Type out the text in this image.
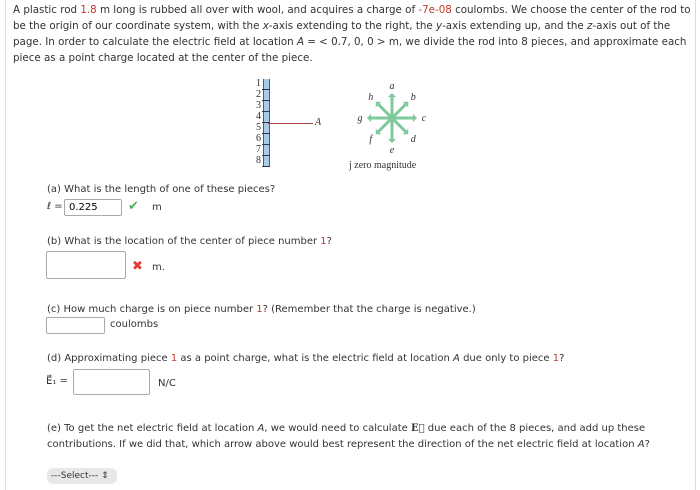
A plastic rod 1.8 m long is rubbed all over with wool, and acquires a charge of -7e-08 coulombs. We choose the center of the rod to be the origin of our coordinate system, with the x-axis extending to the right, the y-axis extending up, and the z-axis out of the page. In order to calculate the electric field at location A = < 0.7, 0, 0 > m, we divide the rod into 8 pieces, and approximate each piece as a point charge located at the center of the piece.
1
2
3
4
5
6
7
8
A
a
b
c
d
e
f
g
h
j zero magnitude
(a) What is the length of one of these pieces?
ℓ =
0.225	✔ m
(b) What is the location of the center of piece number 1?
✖ m.
(c) How much charge is on piece number 1? (Remember that the charge is negative.)
coulombs
(d) Approximating piece 1 as a point charge, what is the electric field at location A due only to piece 1?
E⃗₁ =	N/C
(e) To get the net electric field at location A, we would need to calculate E⃗ due each of the 8 pieces, and add up these contributions. If we did that, which arrow above would best represent the direction of the net electric field at location A?
---Select--- ⇕
